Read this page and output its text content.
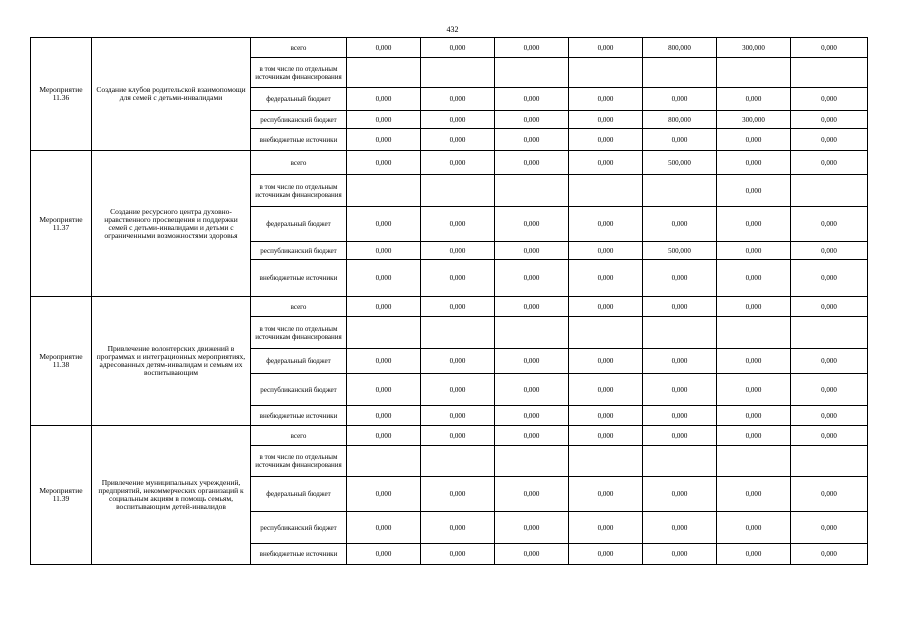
432
Мероприятие 11.36	Создание клубов родительской взаимопомощи для семей с детьми-инвалидами	всего	0,000	0,000	0,000	0,000	800,000	300,000	0,000
		в том числе по отдельным источникам финансирования							
		федеральный бюджет	0,000	0,000	0,000	0,000	0,000	0,000	0,000
		республиканский бюджет	0,000	0,000	0,000	0,000	800,000	300,000	0,000
		внебюджетные источники	0,000	0,000	0,000	0,000	0,000	0,000	0,000
Мероприятие 11.37	Создание ресурсного центра духовно-нравственного просвещения и поддержки семей с детьми-инвалидами и детьми с ограниченными возможностями здоровья	всего	0,000	0,000	0,000	0,000	500,000	0,000	0,000
		в том числе по отдельным источникам финансирования						0,000	
		федеральный бюджет	0,000	0,000	0,000	0,000	0,000	0,000	0,000
		республиканский бюджет	0,000	0,000	0,000	0,000	500,000	0,000	0,000
		внебюджетные источники	0,000	0,000	0,000	0,000	0,000	0,000	0,000
Мероприятие 11.38	Привлечение волонтерских движений в программах и интеграционных мероприятиях, адресованных детям-инвалидам и семьям их воспитывающим	всего	0,000	0,000	0,000	0,000	0,000	0,000	0,000
		в том числе по отдельным источникам финансирования							
		федеральный бюджет	0,000	0,000	0,000	0,000	0,000	0,000	0,000
		республиканский бюджет	0,000	0,000	0,000	0,000	0,000	0,000	0,000
		внебюджетные источники	0,000	0,000	0,000	0,000	0,000	0,000	0,000
Мероприятие 11.39	Привлечение муниципальных учреждений, предприятий, некоммерческих организаций к социальным акциям в помощь семьям, воспитывающим детей-инвалидов	всего	0,000	0,000	0,000	0,000	0,000	0,000	0,000
		в том числе по отдельным источникам финансирования							
		федеральный бюджет	0,000	0,000	0,000	0,000	0,000	0,000	0,000
		республиканский бюджет	0,000	0,000	0,000	0,000	0,000	0,000	0,000
		внебюджетные источники	0,000	0,000	0,000	0,000	0,000	0,000	0,000
